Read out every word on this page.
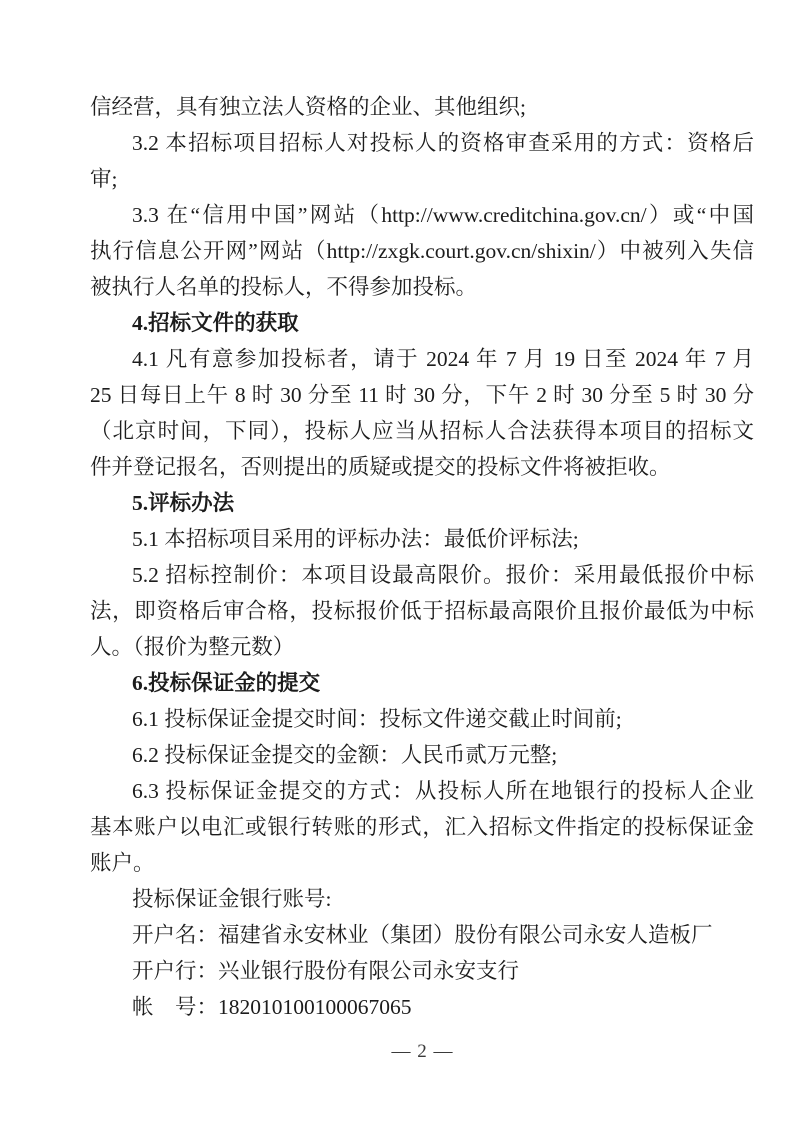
信经营，具有独立法人资格的企业、其他组织;
3.2 本招标项目招标人对投标人的资格审查采用的方式：资格后
审;
3.3 在“信用中国”网站（http://www.creditchina.gov.cn/）或“中国
执行信息公开网”网站（http://zxgk.court.gov.cn/shixin/）中被列入失信
被执行人名单的投标人，不得参加投标。
4.招标文件的获取
4.1 凡有意参加投标者，请于 2024 年 7 月 19 日至 2024 年 7 月
25 日每日上午 8 时 30 分至 11 时 30 分，下午 2 时 30 分至 5 时 30 分
（北京时间，下同），投标人应当从招标人合法获得本项目的招标文
件并登记报名，否则提出的质疑或提交的投标文件将被拒收。
5.评标办法
5.1 本招标项目采用的评标办法：最低价评标法;
5.2 招标控制价：本项目设最高限价。报价：采用最低报价中标
法，即资格后审合格，投标报价低于招标最高限价且报价最低为中标
人。（报价为整元数）
6.投标保证金的提交
6.1 投标保证金提交时间：投标文件递交截止时间前;
6.2 投标保证金提交的金额：人民币贰万元整;
6.3 投标保证金提交的方式：从投标人所在地银行的投标人企业
基本账户以电汇或银行转账的形式，汇入招标文件指定的投标保证金
账户。
投标保证金银行账号:
开户名：福建省永安林业（集团）股份有限公司永安人造板厂
开户行：兴业银行股份有限公司永安支行
帐　号：182010100100067065
— 2 —
